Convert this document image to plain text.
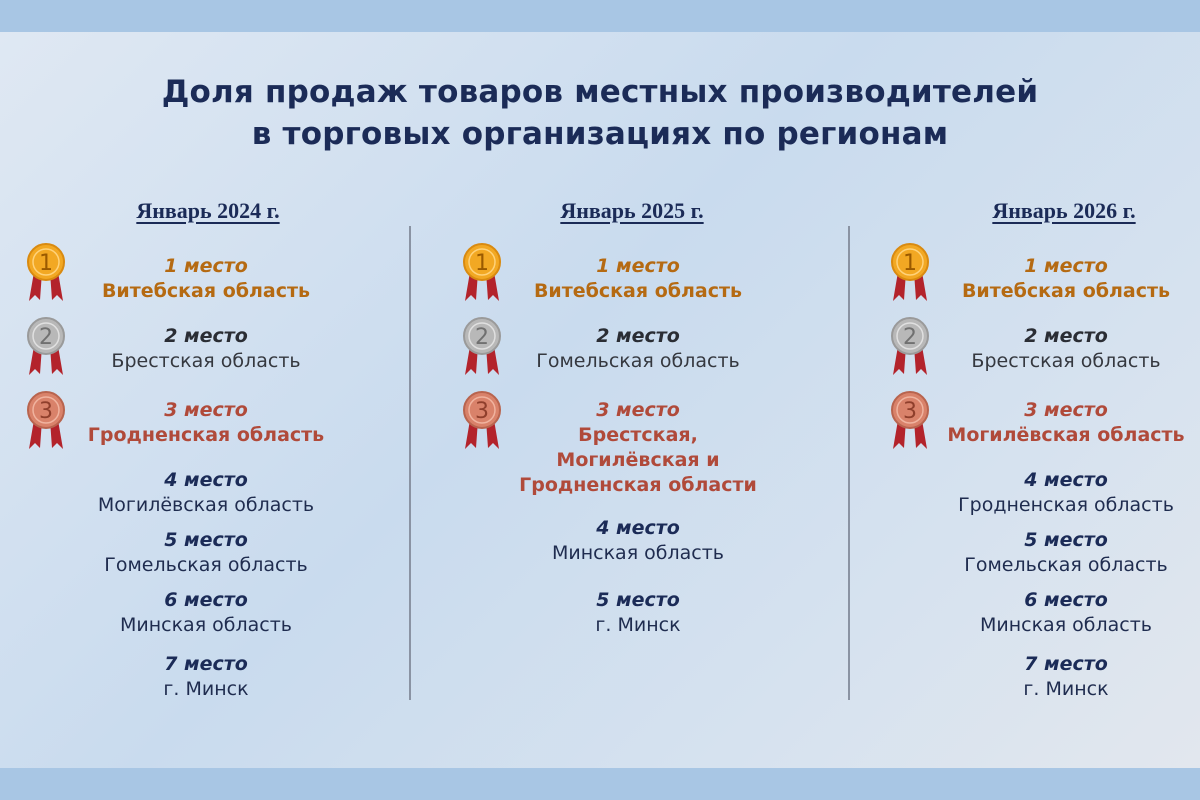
Доля продаж товаров местных производителей
в торговых организациях по регионам
Январь 2024 г.	Январь 2025 г.	Январь 2026 г.
1	1 место
Витебская область
2	2 место
Брестская область
3	3 место
Гродненская область
4 место
Могилёвская область
5 место
Гомельская область
6 место
Минская область
7 место
г. Минск
1	1 место
Витебская область
2	2 место
Гомельская область
3	3 место
Брестская,
Могилёвская и
Гродненская области
4 место
Минская область
5 место
г. Минск
1	1 место
Витебская область
2	2 место
Брестская область
3	3 место
Могилёвская область
4 место
Гродненская область
5 место
Гомельская область
6 место
Минская область
7 место
г. Минск
